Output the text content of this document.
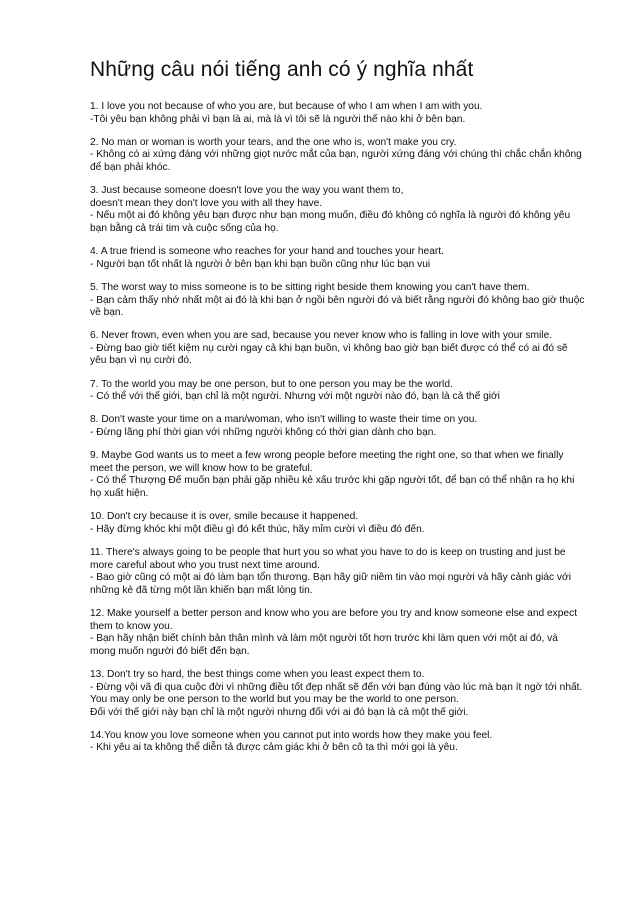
Những câu nói tiếng anh có ý nghĩa nhất

1. I love you not because of who you are, but because of who I am when I am with you.

-Tôi yêu bạn không phải vì bạn là ai, mà là vì tôi sẽ là người thế nào khi ở bên bạn.

2. No man or woman is worth your tears, and the one who is, won't make you cry.

- Không có ai xứng đáng với những giọt nước mắt của bạn, người xứng đáng với chúng thì chắc chắn không để bạn phải khóc.

3. Just because someone doesn't love you the way you want them to,

doesn't mean they don't love you with all they have.

- Nếu một ai đó không yêu bạn được như bạn mong muốn, điều đó không có nghĩa là người đó không yêu bạn bằng cả trái tim và cuộc sống của họ.

4. A true friend is someone who reaches for your hand and touches your heart.

- Người bạn tốt nhất là người ở bên bạn khi bạn buồn cũng như lúc bạn vui

5. The worst way to miss someone is to be sitting right beside them knowing you can't have them.

- Bạn cảm thấy nhớ nhất một ai đó là khi bạn ở ngồi bên người đó và biết rằng người đó không bao giờ thuộc về bạn.

6. Never frown, even when you are sad, because you never know who is falling in love with your smile.

- Đừng bao giờ tiết kiệm nụ cười ngay cả khi bạn buồn, vì không bao giờ bạn biết được có thể có ai đó sẽ yêu bạn vì nụ cười đó.

7. To the world you may be one person, but to one person you may be the world.

- Có thể với thế giới, bạn chỉ là một người. Nhưng với một người nào đó, bạn là cả thế giới

8. Don't waste your time on a man/woman, who isn't willing to waste their time on you.

- Đừng lãng phí thời gian với những người không có thời gian dành cho bạn.

9. Maybe God wants us to meet a few wrong people before meeting the right one, so that when we finally meet the person, we will know how to be grateful.

- Có thể Thượng Đế muốn bạn phải gặp nhiều kẻ xấu trước khi gặp người tốt, để bạn có thể nhận ra họ khi họ xuất hiện.

10. Don't cry because it is over, smile because it happened.

- Hãy đừng khóc khi một điều gì đó kết thúc, hãy mỉm cười vì điều đó đến.

11. There's always going to be people that hurt you so what you have to do is keep on trusting and just be

more careful about who you trust next time around.

- Bao giờ cũng có một ai đó làm bạn tổn thương. Bạn hãy giữ niềm tin vào mọi người và hãy cảnh giác với những kẻ đã từng một lần khiến bạn mất lòng tin.

12. Make yourself a better person and know who you are before you try and know someone else and expect them to know you.

- Bạn hãy nhận biết chính bản thân mình và làm một người tốt hơn trước khi làm quen với một ai đó, và mong muốn người đó biết đến bạn.

13. Don't try so hard, the best things come when you least expect them to.

- Đừng vội vã đi qua cuộc đời vì những điều tốt đẹp nhất sẽ đến với bạn đúng vào lúc mà bạn ít ngờ tới nhất.

You may only be one person to the world but you may be the world to one person.

Đối với thế giới này bạn chỉ là một người nhưng đối với ai đó bạn là cả một thế giới.

14.You know you love someone when you cannot put into words how they make you feel.

- Khi yêu ai ta không thể diễn tả được cảm giác khi ở bên cô ta thì mới gọi là yêu.
